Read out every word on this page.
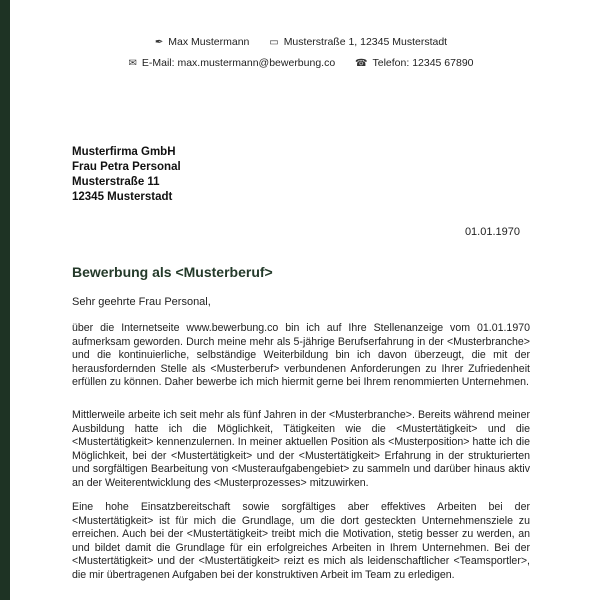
✒ Max Mustermann ▭ Musterstraße 1, 12345 Musterstadt
✉ E-Mail: max.mustermann@bewerbung.co ☎ Telefon: 12345 67890
Musterfirma GmbH
Frau Petra Personal
Musterstraße 11
12345 Musterstadt
01.01.1970
Bewerbung als <Musterberuf>
Sehr geehrte Frau Personal,
über die Internetseite www.bewerbung.co bin ich auf Ihre Stellenanzeige vom 01.01.1970 aufmerksam geworden. Durch meine mehr als 5-jährige Berufserfahrung in der <Musterbranche> und die kontinuierliche, selbständige Weiterbildung bin ich davon überzeugt, die mit der herausfordernden Stelle als <Musterberuf> verbundenen Anforderungen zu Ihrer Zufriedenheit erfüllen zu können. Daher bewerbe ich mich hiermit gerne bei Ihrem renommierten Unternehmen.
Mittlerweile arbeite ich seit mehr als fünf Jahren in der <Musterbranche>. Bereits während meiner Ausbildung hatte ich die Möglichkeit, Tätigkeiten wie die <Mustertätigkeit> und die <Mustertätigkeit> kennenzulernen. In meiner aktuellen Position als <Musterposition> hatte ich die Möglichkeit, bei der <Mustertätigkeit> und der <Mustertätigkeit> Erfahrung in der strukturierten und sorgfältigen Bearbeitung von <Musteraufgabengebiet> zu sammeln und darüber hinaus aktiv an der Weiterentwicklung des <Musterprozesses> mitzuwirken.
Eine hohe Einsatzbereitschaft sowie sorgfältiges aber effektives Arbeiten bei der <Mustertätigkeit> ist für mich die Grundlage, um die dort gesteckten Unternehmensziele zu erreichen. Auch bei der <Mustertätigkeit> treibt mich die Motivation, stetig besser zu werden, an und bildet damit die Grundlage für ein erfolgreiches Arbeiten in Ihrem Unternehmen. Bei der <Mustertätigkeit> und der <Mustertätigkeit> reizt es mich als leidenschaftlicher <Teamsportler>, die mir übertragenen Aufgaben bei der konstruktiven Arbeit im Team zu erledigen.
